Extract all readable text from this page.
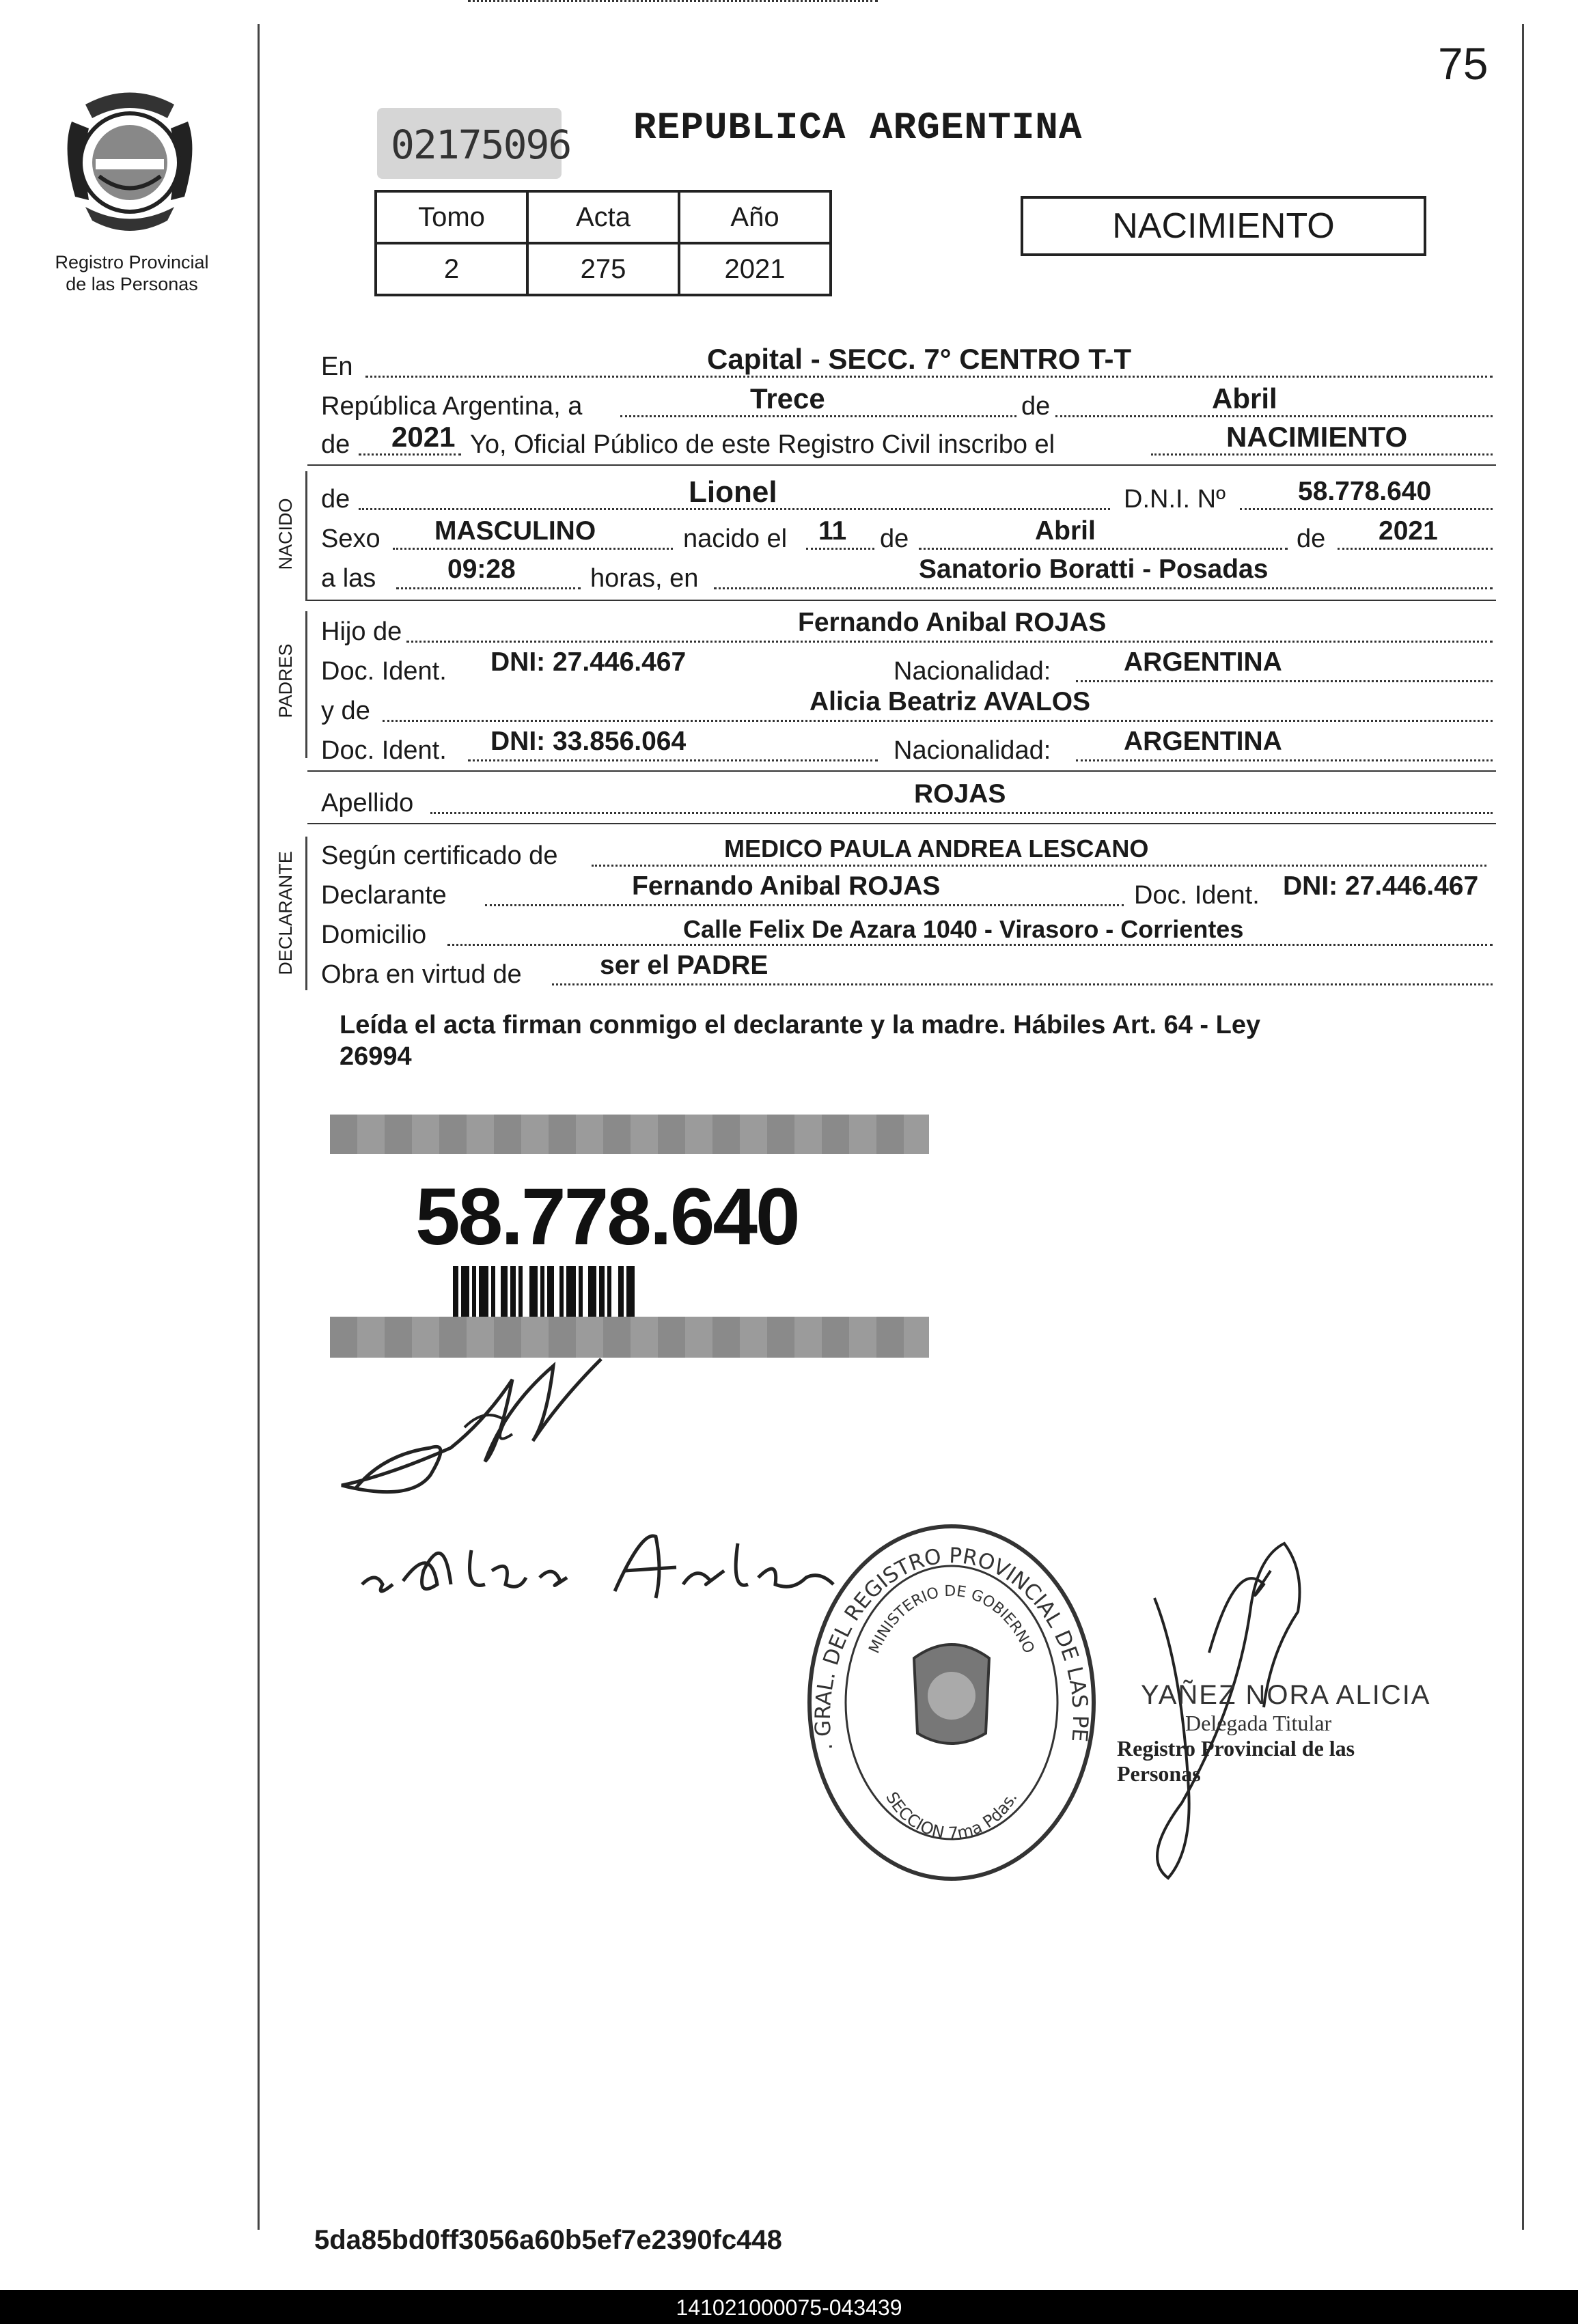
75
Registro Provincial
de las Personas
02175096 REPUBLICA ARGENTINA
Tomo	Acta	Año
2	275	2021
NACIMIENTO
En	Capital - SECC. 7° CENTRO T-T
República Argentina, a	Trece	de	Abril
de 2021 Yo, Oficial Público de este Registro Civil inscribo el	NACIMIENTO
NACIDO de	Lionel	D.N.I. Nº	58.778.640
Sexo MASCULINO	nacido el 11 de	Abril	de 2021
a las	09:28	horas, en	Sanatorio Boratti - Posadas
PADRES
Hijo de	Fernando Anibal ROJAS
Doc. Ident. DNI: 27.446.467	Nacionalidad:	ARGENTINA
y de	Alicia Beatriz AVALOS
Doc. Ident. DNI: 33.856.064	Nacionalidad:	ARGENTINA
Apellido	ROJAS
DECLARANTE Según certificado de	MEDICO PAULA ANDREA LESCANO
Declarante	Fernando Anibal ROJAS	Doc. Ident. DNI: 27.446.467
Domicilio	Calle Felix De Azara 1040 - Virasoro - Corrientes
Obra en virtud de	ser el PADRE
Leída el acta firman conmigo el declarante y la madre. Hábiles Art. 64 - Ley
26994
58.778.640
. GRAL. DEL REGISTRO PROVINCIAL DE LAS PE
MINISTERIO DE GOBIERNO
SECCION 7ma Pdas.
YAÑEZ NORA ALICIA
Delegada Titular
Registro Provincial de las Personas
5da85bd0ff3056a60b5ef7e2390fc448
141021000075-043439
